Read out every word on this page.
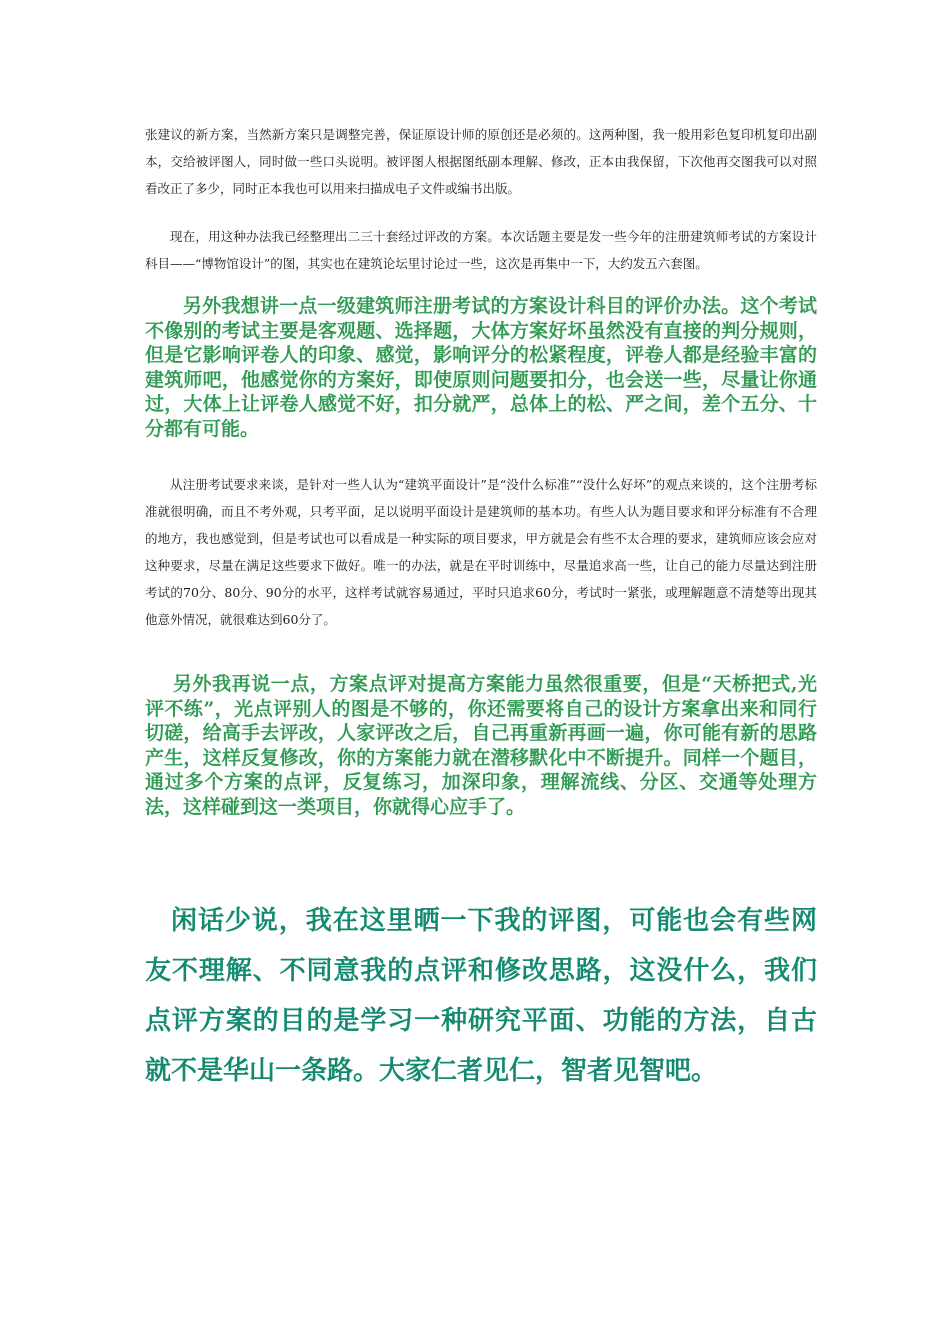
张建议的新方案，当然新方案只是调整完善，保证原设计师的原创还是必须的。这两种图，我一般用彩色复印机复印出副本，交给被评图人，同时做一些口头说明。被评图人根据图纸副本理解、修改，正本由我保留，下次他再交图我可以对照看改正了多少，同时正本我也可以用来扫描成电子文件或编书出版。

现在，用这种办法我已经整理出二三十套经过评改的方案。本次话题主要是发一些今年的注册建筑师考试的方案设计科目——“博物馆设计”的图，其实也在建筑论坛里讨论过一些，这次是再集中一下，大约发五六套图。

另外我想讲一点一级建筑师注册考试的方案设计科目的评价办法。这个考试不像别的考试主要是客观题、选择题，大体方案好坏虽然没有直接的判分规则，但是它影响评卷人的印象、感觉，影响评分的松紧程度，评卷人都是经验丰富的建筑师吧，他感觉你的方案好，即使原则问题要扣分，也会送一些，尽量让你通过，大体上让评卷人感觉不好，扣分就严，总体上的松、严之间，差个五分、十分都有可能。

从注册考试要求来谈，是针对一些人认为“建筑平面设计”是“没什么标准”“没什么好坏”的观点来谈的，这个注册考标准就很明确，而且不考外观，只考平面，足以说明平面设计是建筑师的基本功。有些人认为题目要求和评分标准有不合理的地方，我也感觉到，但是考试也可以看成是一种实际的项目要求，甲方就是会有些不太合理的要求，建筑师应该会应对这种要求，尽量在满足这些要求下做好。唯一的办法，就是在平时训练中，尽量追求高一些，让自己的能力尽量达到注册考试的70分、80分、90分的水平，这样考试就容易通过，平时只追求60分，考试时一紧张，或理解题意不清楚等出现其他意外情况，就很难达到60分了。

另外我再说一点，方案点评对提高方案能力虽然很重要，但是“天桥把式,光评不练”，光点评别人的图是不够的，你还需要将自己的设计方案拿出来和同行切磋，给高手去评改，人家评改之后，自己再重新再画一遍，你可能有新的思路产生，这样反复修改，你的方案能力就在潜移默化中不断提升。同样一个题目，通过多个方案的点评，反复练习，加深印象，理解流线、分区、交通等处理方法，这样碰到这一类项目，你就得心应手了。

闲话少说，我在这里晒一下我的评图，可能也会有些网友不理解、不同意我的点评和修改思路，这没什么，我们点评方案的目的是学习一种研究平面、功能的方法，自古就不是华山一条路。大家仁者见仁，智者见智吧。
